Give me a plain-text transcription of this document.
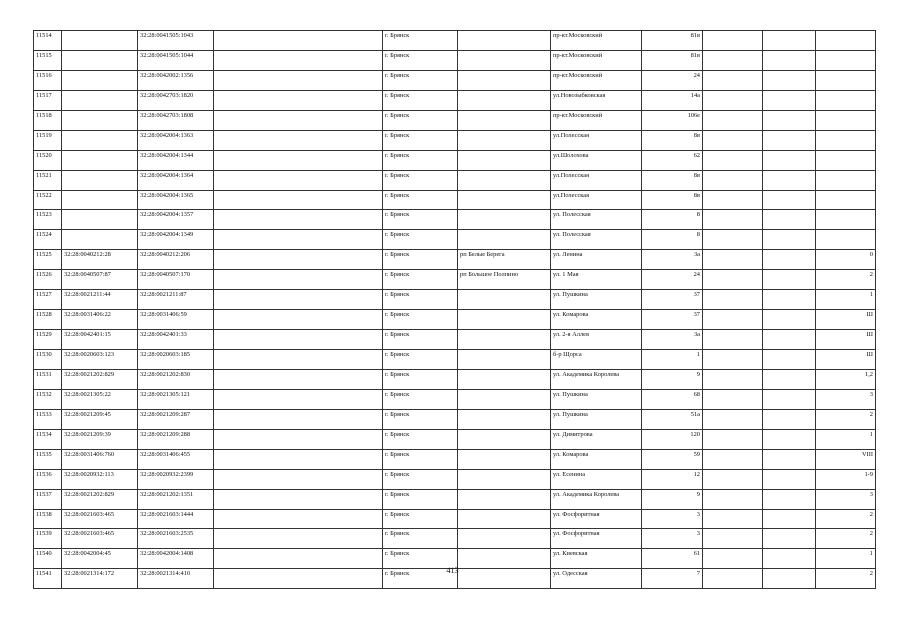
11514		32:28:0041505:1043		г. Брянск		пр-кт.Московский	81в			
11515		32:28:0041505:1044		г. Брянск		пр-кт.Московский	81в			
11516		32:28:0042002:1356		г. Брянск		пр-кт.Московский	24			
11517		32:28:0042703:1820		г. Брянск		ул.Новозыбковская	14а			
11518		32:28:0042703:1808		г. Брянск		пр-кт.Московский	106е			
11519		32:28:0042004:1363		г. Брянск		ул.Полесская	8в			
11520		32:28:0042004:1344		г. Брянск		ул.Шолохова	62			
11521		32:28:0042004:1364		г. Брянск		ул.Полесская	8в			
11522		32:28:0042004:1365		г. Брянск		ул.Полесская	8в			
11523		32:28:0042004:1357		г. Брянск		ул. Полесская	8			
11524		32:28:0042004:1349		г. Брянск		ул. Полесская	8			
11525	32:28:0040212:28	32:28:0040212:206		г. Брянск	рп Белые Берега	ул. Ленина	3а			0
11526	32:28:0040507:87	32:28:0040507:170		г. Брянск	рп Большое Полпино	ул. 1 Мая	24			2
11527	32:28:0021211:44	32:28:0021211:87		г. Брянск		ул. Пушкина	37			1
11528	32:28:0031406:22	32:28:0031406:59		г. Брянск		ул. Комарова	37			Ш
11529	32:28:0042401:15	32:28:0042401:33		г. Брянск		ул. 2-я Аллея	3а			Ш
11530	32:28:0020603:123	32:28:0020603:185		г. Брянск		б-р Щорса	1			Ш
11531	32:28:0021202:829	32:28:0021202:830		г. Брянск		ул. Академика Королева	9			1,2
11532	32:28:0021305:22	32:28:0021305:121		г. Брянск		ул. Пушкина	68			3
11533	32:28:0021209:45	32:28:0021209:287		г. Брянск		ул. Пушкина	51а			2
11534	32:28:0021209:39	32:28:0021209:288		г. Брянск		ул. Димитрова	120			1
11535	32:28:0031406:760	32:28:0031406:455		г. Брянск		ул. Комарова	59			VIII
11536	32:28:0020932:113	32:28:0020932:2399		г. Брянск		ул. Есенина	12			1-9
11537	32:28:0021202:829	32:28:0021202:1351		г. Брянск		ул. Академика Королева	9			3
11538	32:28:0021603:465	32:28:0021603:1444		г. Брянск		ул. Фосфоритная	3			2
11539	32:28:0021603:465	32:28:0021603:2535		г. Брянск		ул. Фосфоритная	3			2
11540	32:28:0042004:45	32:28:0042004:1408		г. Брянск		ул. Киевская	61			1
11541	32:28:0021314:172	32:28:0021314:410		г. Брянск		ул. Одесская	7			2
413
